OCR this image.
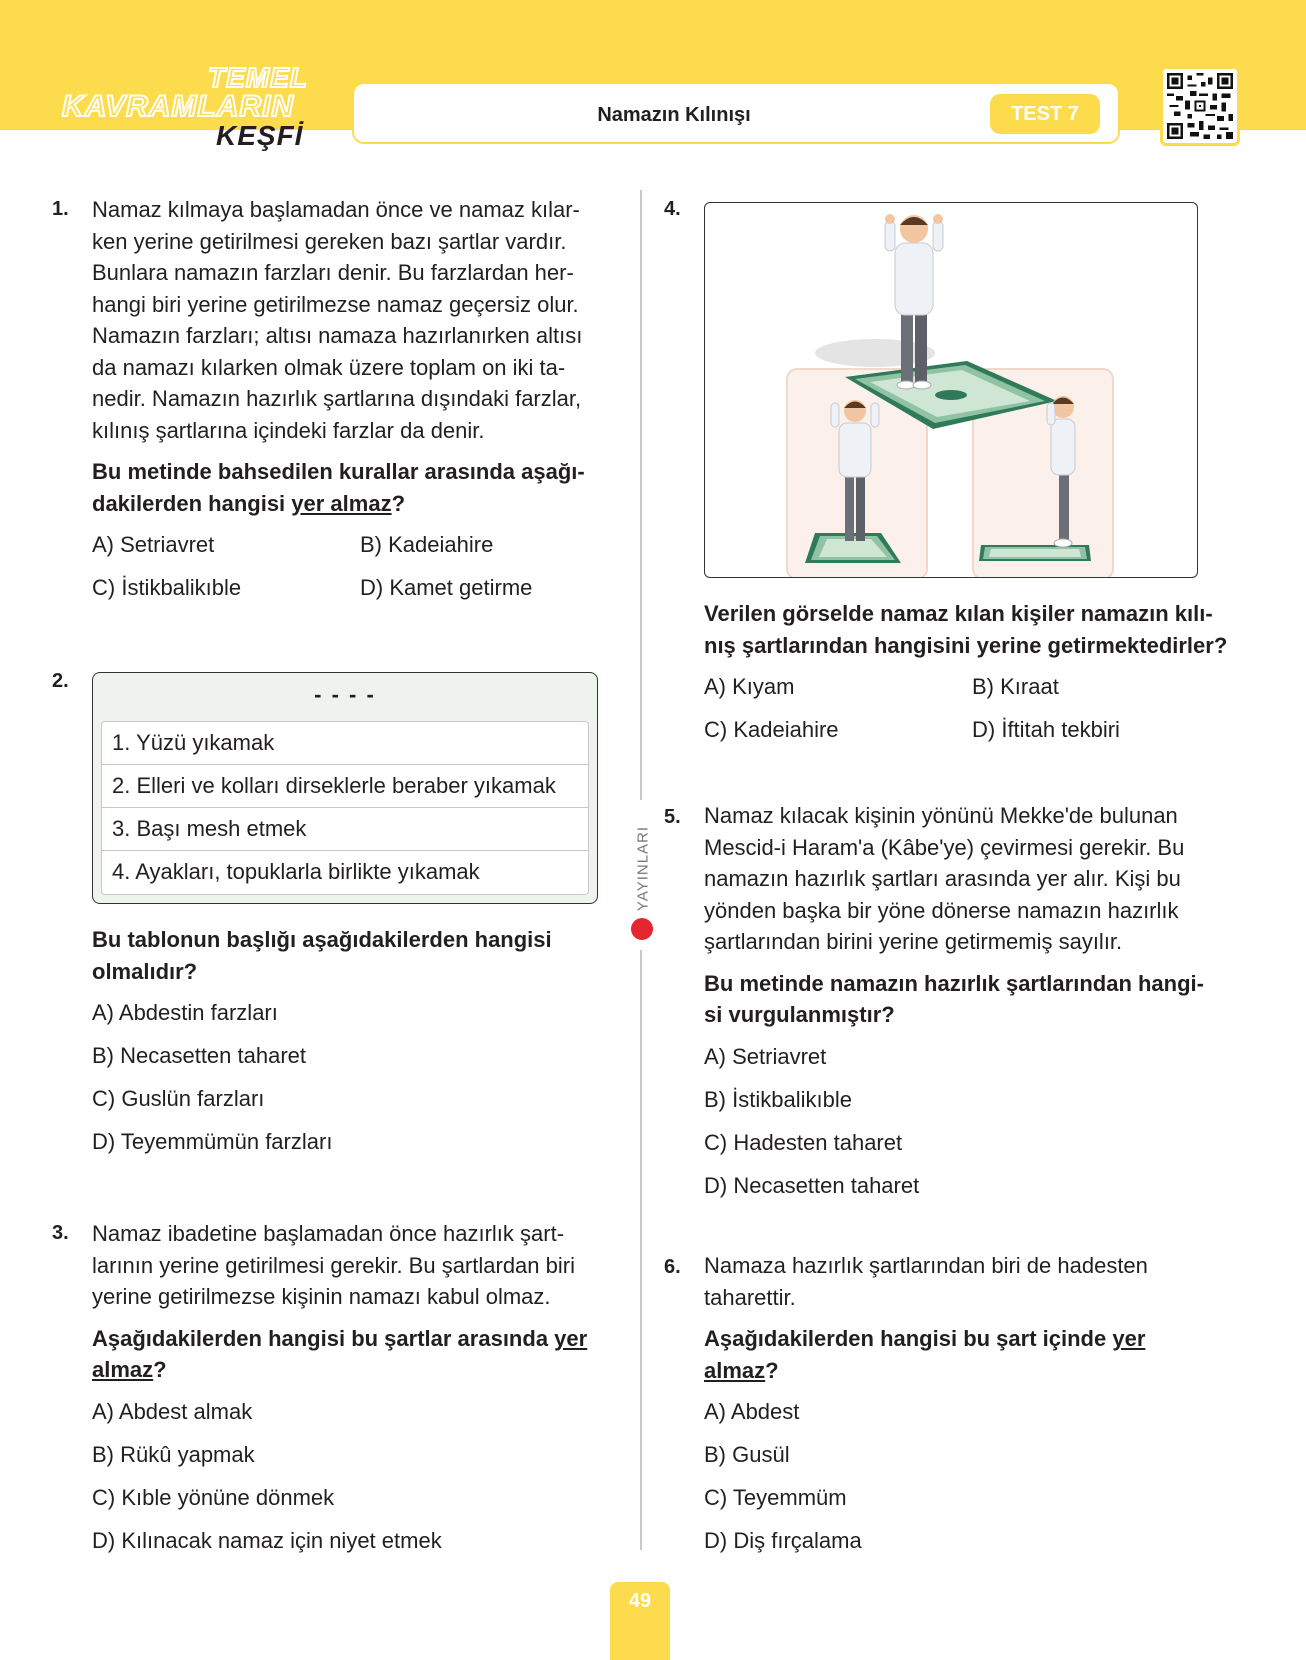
TEMEL
KAVRAMLARIN
KEŞFİ
Namazın Kılınışı	TEST 7
YAYINLARI
1. Namaz kılmaya başlamadan önce ve namaz kılar-
ken yerine getirilmesi gereken bazı şartlar vardır.
Bunlara namazın farzları denir. Bu farzlardan her-
hangi biri yerine getirilmezse namaz geçersiz olur.
Namazın farzları; altısı namaza hazırlanırken altısı
da namazı kılarken olmak üzere toplam on iki ta-
nedir. Namazın hazırlık şartlarına dışındaki farzlar,
kılınış şartlarına içindeki farzlar da denir.

Bu metinde bahsedilen kurallar arasında aşağı-
dakilerden hangisi yer almaz?

A) Setriavret	B) Kadeiahire
C) İstikbalikıble	D) Kamet getirme
2.
- - - -
1. Yüzü yıkamak
2. Elleri ve kolları dirseklerle beraber yıkamak
3. Başı mesh etmek
4. Ayakları, topuklarla birlikte yıkamak

Bu tablonun başlığı aşağıdakilerden hangisi
olmalıdır?

A) Abdestin farzları
B) Necasetten taharet
C) Guslün farzları
D) Teyemmümün farzları
3. Namaz ibadetine başlamadan önce hazırlık şart-
larının yerine getirilmesi gerekir. Bu şartlardan biri
yerine getirilmezse kişinin namazı kabul olmaz.

Aşağıdakilerden hangisi bu şartlar arasında yer
almaz?

A) Abdest almak
B) Rükû yapmak
C) Kıble yönüne dönmek
D) Kılınacak namaz için niyet etmek
4.

Verilen görselde namaz kılan kişiler namazın kılı-
nış şartlarından hangisini yerine getirmektedirler?

A) Kıyam	B) Kıraat
C) Kadeiahire	D) İftitah tekbiri
5. Namaz kılacak kişinin yönünü Mekke'de bulunan
Mescid-i Haram'a (Kâbe'ye) çevirmesi gerekir. Bu
namazın hazırlık şartları arasında yer alır. Kişi bu
yönden başka bir yöne dönerse namazın hazırlık
şartlarından birini yerine getirmemiş sayılır.

Bu metinde namazın hazırlık şartlarından hangi-
si vurgulanmıştır?

A) Setriavret
B) İstikbalikıble
C) Hadesten taharet
D) Necasetten taharet
6. Namaza hazırlık şartlarından biri de hadesten
taharettir.

Aşağıdakilerden hangisi bu şart içinde yer
almaz?

A) Abdest
B) Gusül
C) Teyemmüm
D) Diş fırçalama
49
